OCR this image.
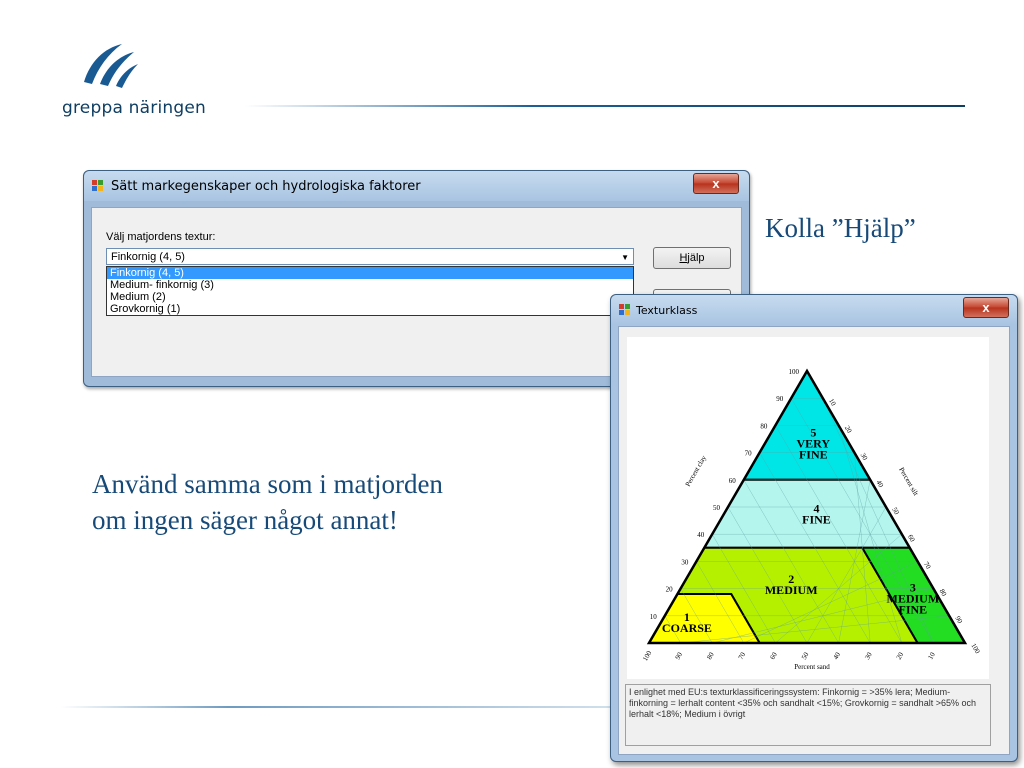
greppa näringen
Kolla ”Hjälp”
Använd samma som i matjorden
om ingen säger något annat!
Sätt markegenskaper och hydrologiska faktorer	x
Välj matjordens textur:
Finkornig (4, 5)	▼
Finkornig (4, 5)
Medium- finkornig (3)
Medium (2)
Grovkornig (1)
Hjälp
Texturklass	x
5
VERY
FINE
4
FINE
2
MEDIUM	3
MEDIUM
FINE
1
COARSE
100
90
80
70
60
50
40
30
20
10
10
20
30
40
50
60
70
80
90
100
100	90	80	70	60	50	40	30	20	10
Percent clay	Percent silt
Percent sand
I enlighet med EU:s texturklassificeringssystem: Finkornig = >35% lera; Medium-finkorning = lerhalt content <35% och sandhalt <15%; Grovkornig = sandhalt >65% och lerhalt <18%; Medium i övrigt
